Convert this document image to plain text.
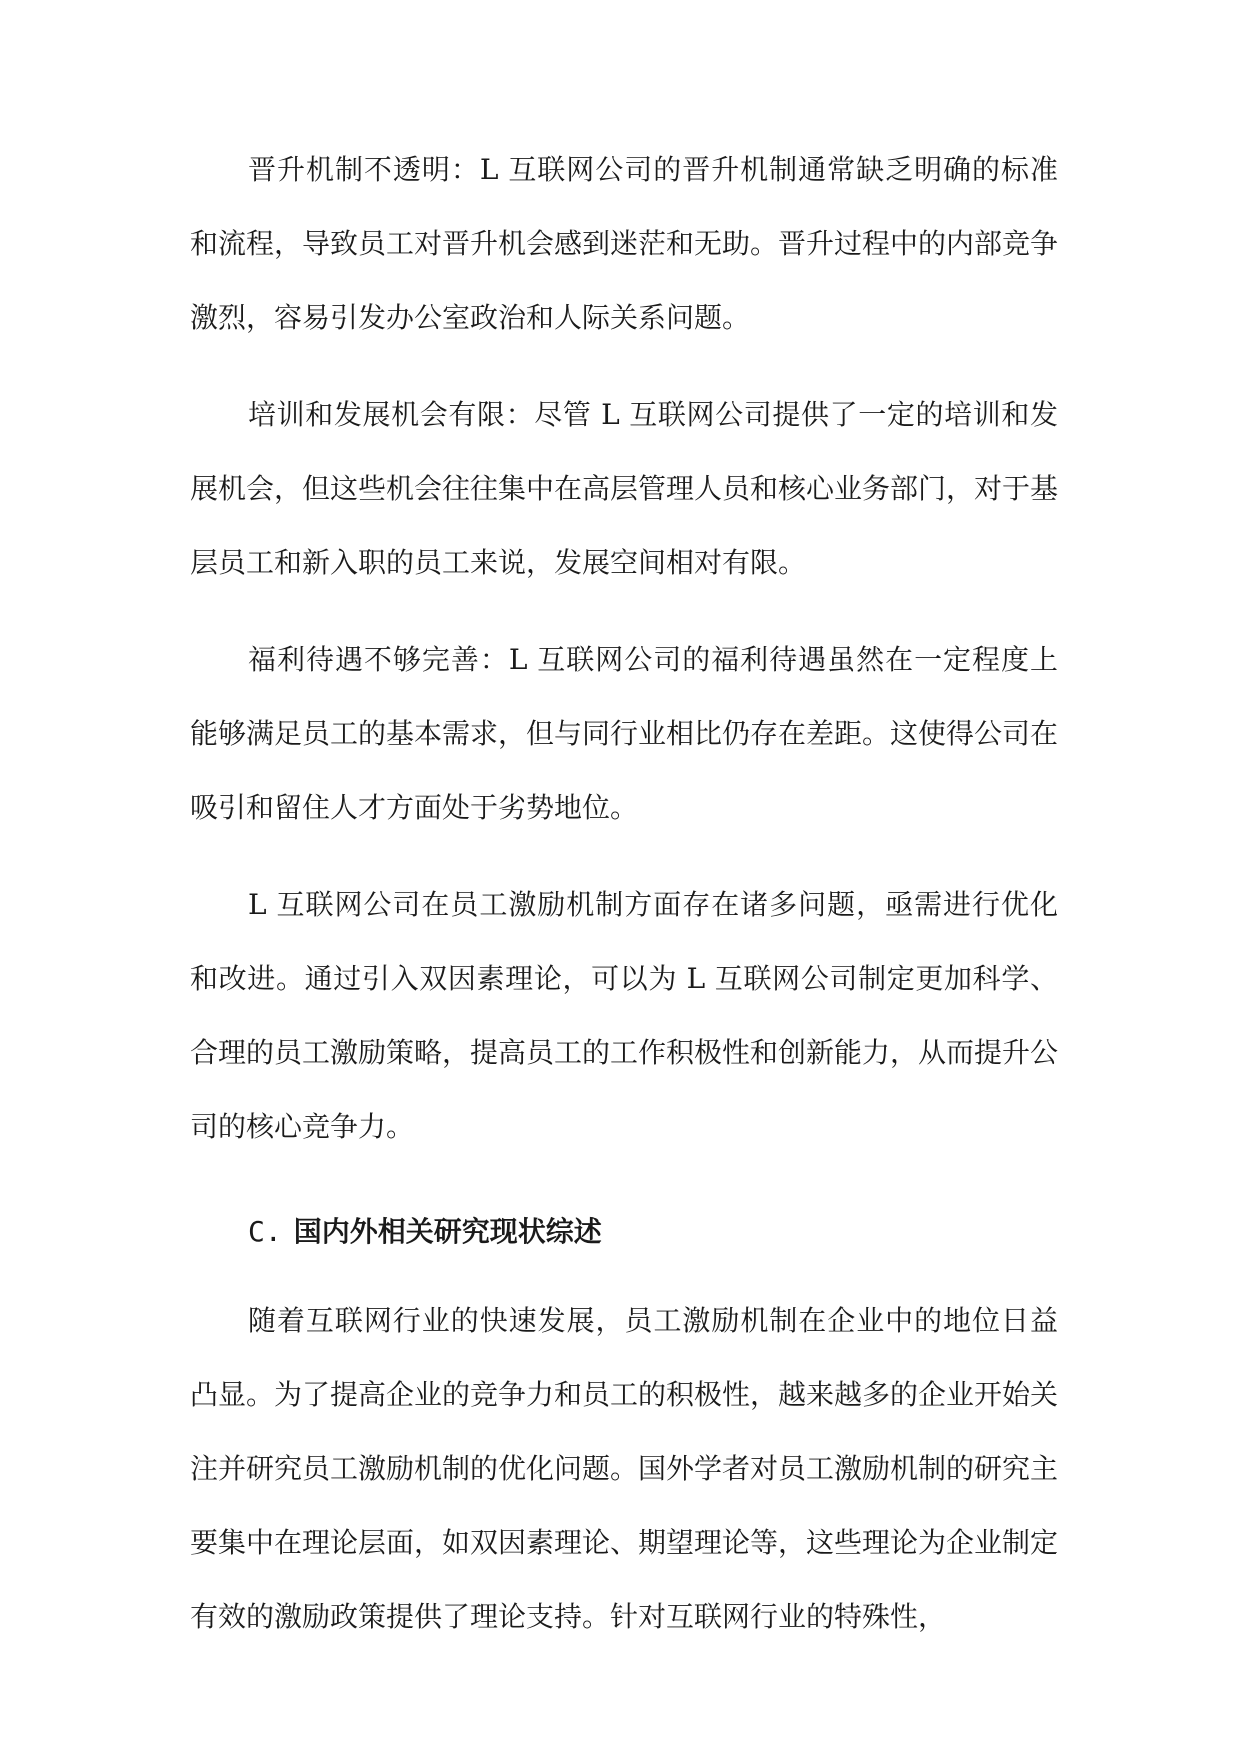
晋升机制不透明：L 互联网公司的晋升机制通常缺乏明确的标准和流程，导致员工对晋升机会感到迷茫和无助。晋升过程中的内部竞争激烈，容易引发办公室政治和人际关系问题。

培训和发展机会有限：尽管 L 互联网公司提供了一定的培训和发展机会，但这些机会往往集中在高层管理人员和核心业务部门，对于基层员工和新入职的员工来说，发展空间相对有限。

福利待遇不够完善：L 互联网公司的福利待遇虽然在一定程度上能够满足员工的基本需求，但与同行业相比仍存在差距。这使得公司在吸引和留住人才方面处于劣势地位。

L 互联网公司在员工激励机制方面存在诸多问题，亟需进行优化和改进。通过引入双因素理论，可以为 L 互联网公司制定更加科学、合理的员工激励策略，提高员工的工作积极性和创新能力，从而提升公司的核心竞争力。

C. 国内外相关研究现状综述

随着互联网行业的快速发展，员工激励机制在企业中的地位日益凸显。为了提高企业的竞争力和员工的积极性，越来越多的企业开始关注并研究员工激励机制的优化问题。国外学者对员工激励机制的研究主要集中在理论层面，如双因素理论、期望理论等，这些理论为企业制定有效的激励政策提供了理论支持。针对互联网行业的特殊性，
